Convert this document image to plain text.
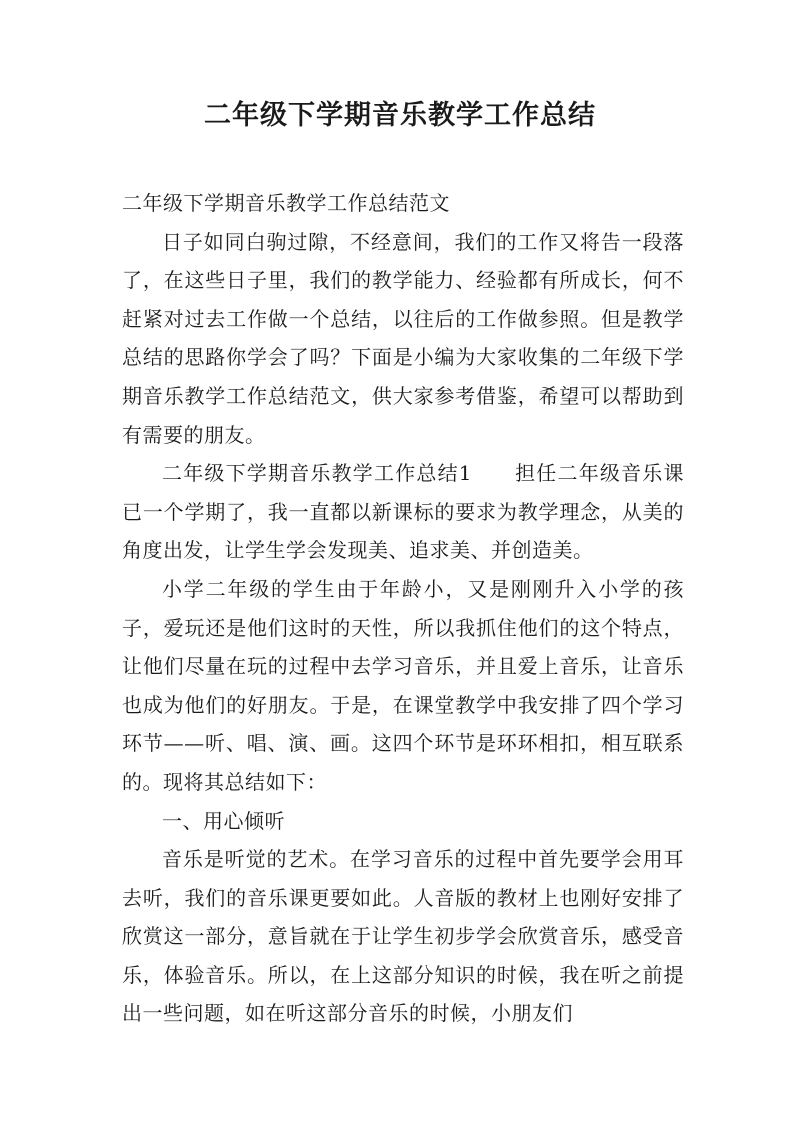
二年级下学期音乐教学工作总结

二年级下学期音乐教学工作总结范文

日子如同白驹过隙，不经意间，我们的工作又将告一段落了，在这些日子里，我们的教学能力、经验都有所成长，何不赶紧对过去工作做一个总结，以往后的工作做参照。但是教学总结的思路你学会了吗？下面是小编为大家收集的二年级下学期音乐教学工作总结范文，供大家参考借鉴，希望可以帮助到有需要的朋友。

二年级下学期音乐教学工作总结1　　担任二年级音乐课已一个学期了，我一直都以新课标的要求为教学理念，从美的角度出发，让学生学会发现美、追求美、并创造美。

小学二年级的学生由于年龄小，又是刚刚升入小学的孩子，爱玩还是他们这时的天性，所以我抓住他们的这个特点，让他们尽量在玩的过程中去学习音乐，并且爱上音乐，让音乐也成为他们的好朋友。于是，在课堂教学中我安排了四个学习环节——听、唱、演、画。这四个环节是环环相扣，相互联系的。现将其总结如下：

一、用心倾听

音乐是听觉的艺术。在学习音乐的过程中首先要学会用耳去听，我们的音乐课更要如此。人音版的教材上也刚好安排了欣赏这一部分，意旨就在于让学生初步学会欣赏音乐，感受音乐，体验音乐。所以，在上这部分知识的时候，我在听之前提出一些问题，如在听这部分音乐的时候，小朋友们
